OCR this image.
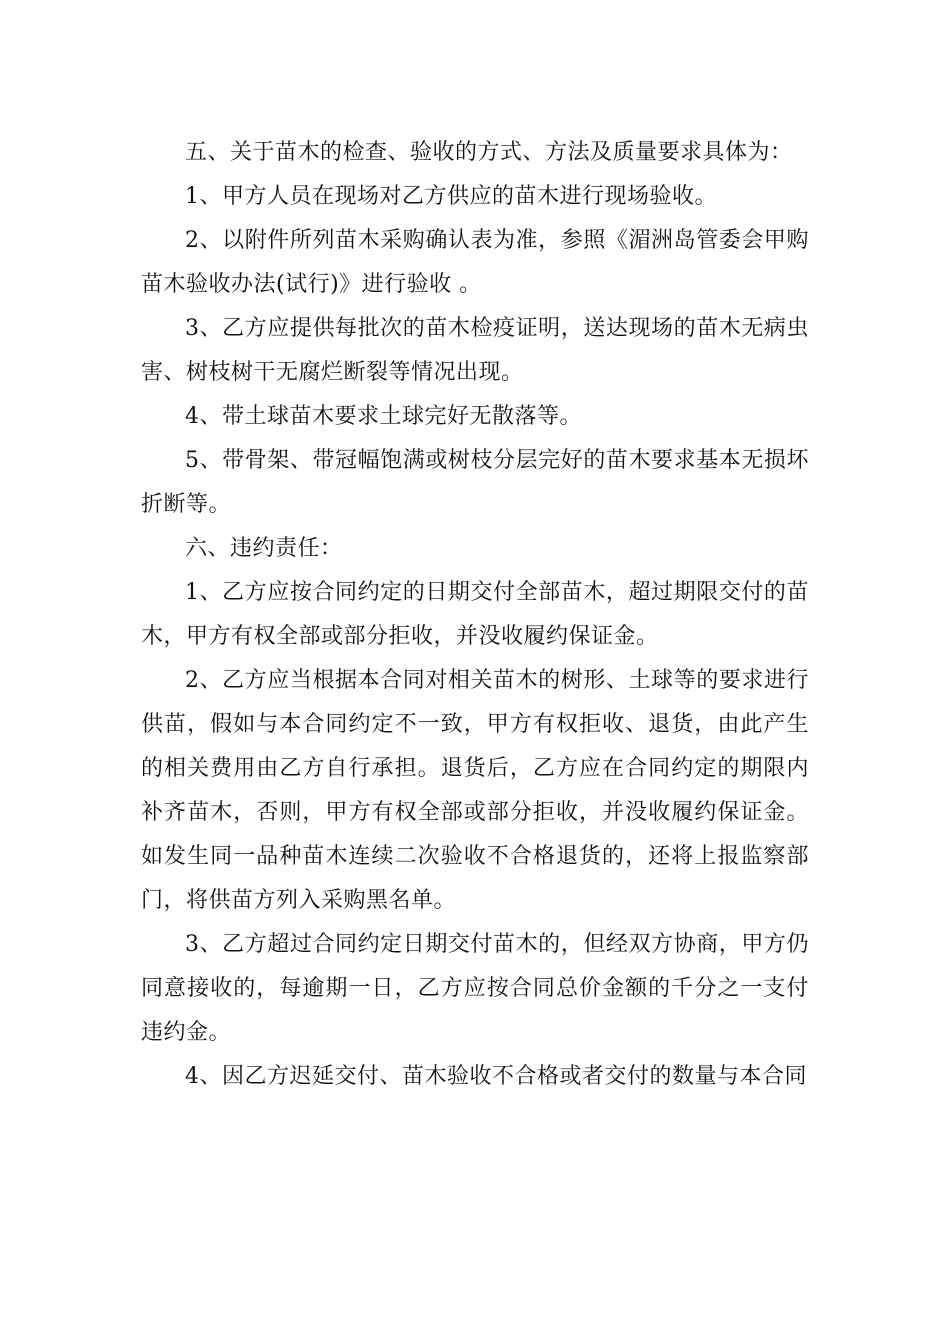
五、关于苗木的检查、验收的方式、方法及质量要求具体为：

1、甲方人员在现场对乙方供应的苗木进行现场验收。

2、以附件所列苗木采购确认表为准，参照《湄洲岛管委会甲购苗木验收办法(试行)》进行验收 。

3、乙方应提供每批次的苗木检疫证明，送达现场的苗木无病虫害、树枝树干无腐烂断裂等情况出现。

4、带土球苗木要求土球完好无散落等。

5、带骨架、带冠幅饱满或树枝分层完好的苗木要求基本无损坏折断等。

六、违约责任：

1、乙方应按合同约定的日期交付全部苗木，超过期限交付的苗木，甲方有权全部或部分拒收，并没收履约保证金。

2、乙方应当根据本合同对相关苗木的树形、土球等的要求进行供苗，假如与本合同约定不一致，甲方有权拒收、退货，由此产生的相关费用由乙方自行承担。退货后，乙方应在合同约定的期限内补齐苗木，否则，甲方有权全部或部分拒收，并没收履约保证金。如发生同一品种苗木连续二次验收不合格退货的，还将上报监察部门，将供苗方列入采购黑名单。

3、乙方超过合同约定日期交付苗木的，但经双方协商，甲方仍同意接收的，每逾期一日，乙方应按合同总价金额的千分之一支付违约金。

4、因乙方迟延交付、苗木验收不合格或者交付的数量与本合同
